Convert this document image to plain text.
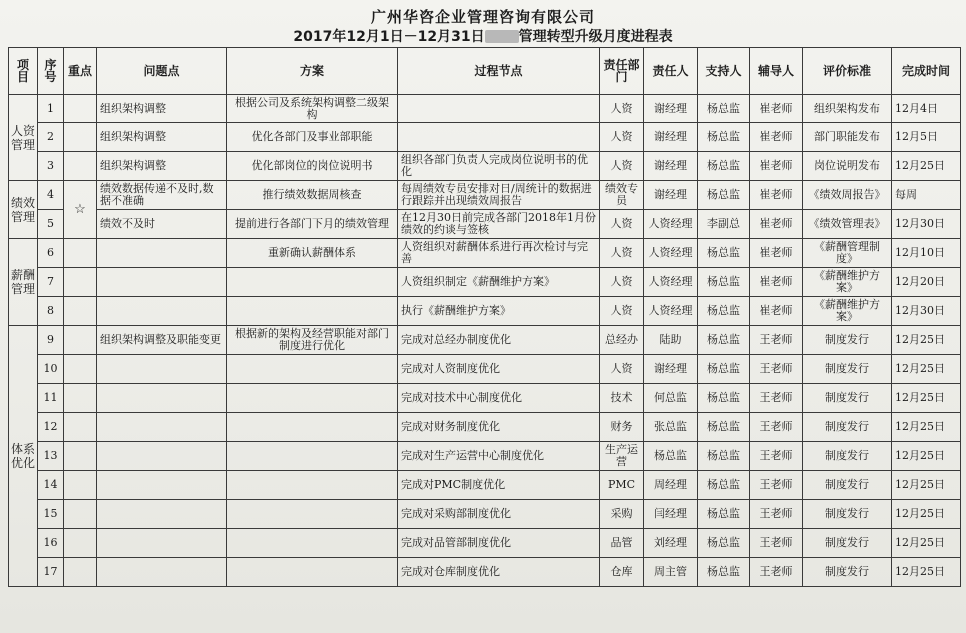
广州华咨企业管理咨询有限公司
2017年12月1日－12月31日 管理转型升级月度进程表
项目	序号	重点	问题点	方案	过程节点	责任部门	责任人	支持人	辅导人	评价标准	完成时间
人资管理	1		组织架构调整	根据公司及系统架构调整二级架构		人资	谢经理	杨总监	崔老师	组织架构发布	12月4日
	2		组织架构调整	优化各部门及事业部职能		人资	谢经理	杨总监	崔老师	部门职能发布	12月5日
	3		组织架构调整	优化部岗位的岗位说明书	组织各部门负责人完成岗位说明书的优化	人资	谢经理	杨总监	崔老师	岗位说明发布	12月25日
绩效管理	4	☆	绩效数据传递不及时,数据不准确	推行绩效数据周核查	每周绩效专员安排对日/周统计的数据进行跟踪并出现绩效周报告	绩效专员	谢经理	杨总监	崔老师	《绩效周报告》	每周
	5		绩效不及时	提前进行各部门下月的绩效管理	在12月30日前完成各部门2018年1月份绩效的约谈与签核	人资	人资经理	李副总	崔老师	《绩效管理表》	12月30日
薪酬管理	6			重新确认薪酬体系	人资组织对薪酬体系进行再次检讨与完善	人资	人资经理	杨总监	崔老师	《薪酬管理制度》	12月10日
	7				人资组织制定《薪酬维护方案》	人资	人资经理	杨总监	崔老师	《薪酬维护方案》	12月20日
	8				执行《薪酬维护方案》	人资	人资经理	杨总监	崔老师	《薪酬维护方案》	12月30日
体系优化	9		组织架构调整及职能变更	根据新的架构及经营职能对部门制度进行优化	完成对总经办制度优化	总经办	陆助	杨总监	王老师	制度发行	12月25日
	10				完成对人资制度优化	人资	谢经理	杨总监	王老师	制度发行	12月25日
	11				完成对技术中心制度优化	技术	何总监	杨总监	王老师	制度发行	12月25日
	12				完成对财务制度优化	财务	张总监	杨总监	王老师	制度发行	12月25日
	13				完成对生产运营中心制度优化	生产运营	杨总监	杨总监	王老师	制度发行	12月25日
	14				完成对PMC制度优化	PMC	周经理	杨总监	王老师	制度发行	12月25日
	15				完成对采购部制度优化	采购	闫经理	杨总监	王老师	制度发行	12月25日
	16				完成对品管部制度优化	品管	刘经理	杨总监	王老师	制度发行	12月25日
	17				完成对仓库制度优化	仓库	周主管	杨总监	王老师	制度发行	12月25日
